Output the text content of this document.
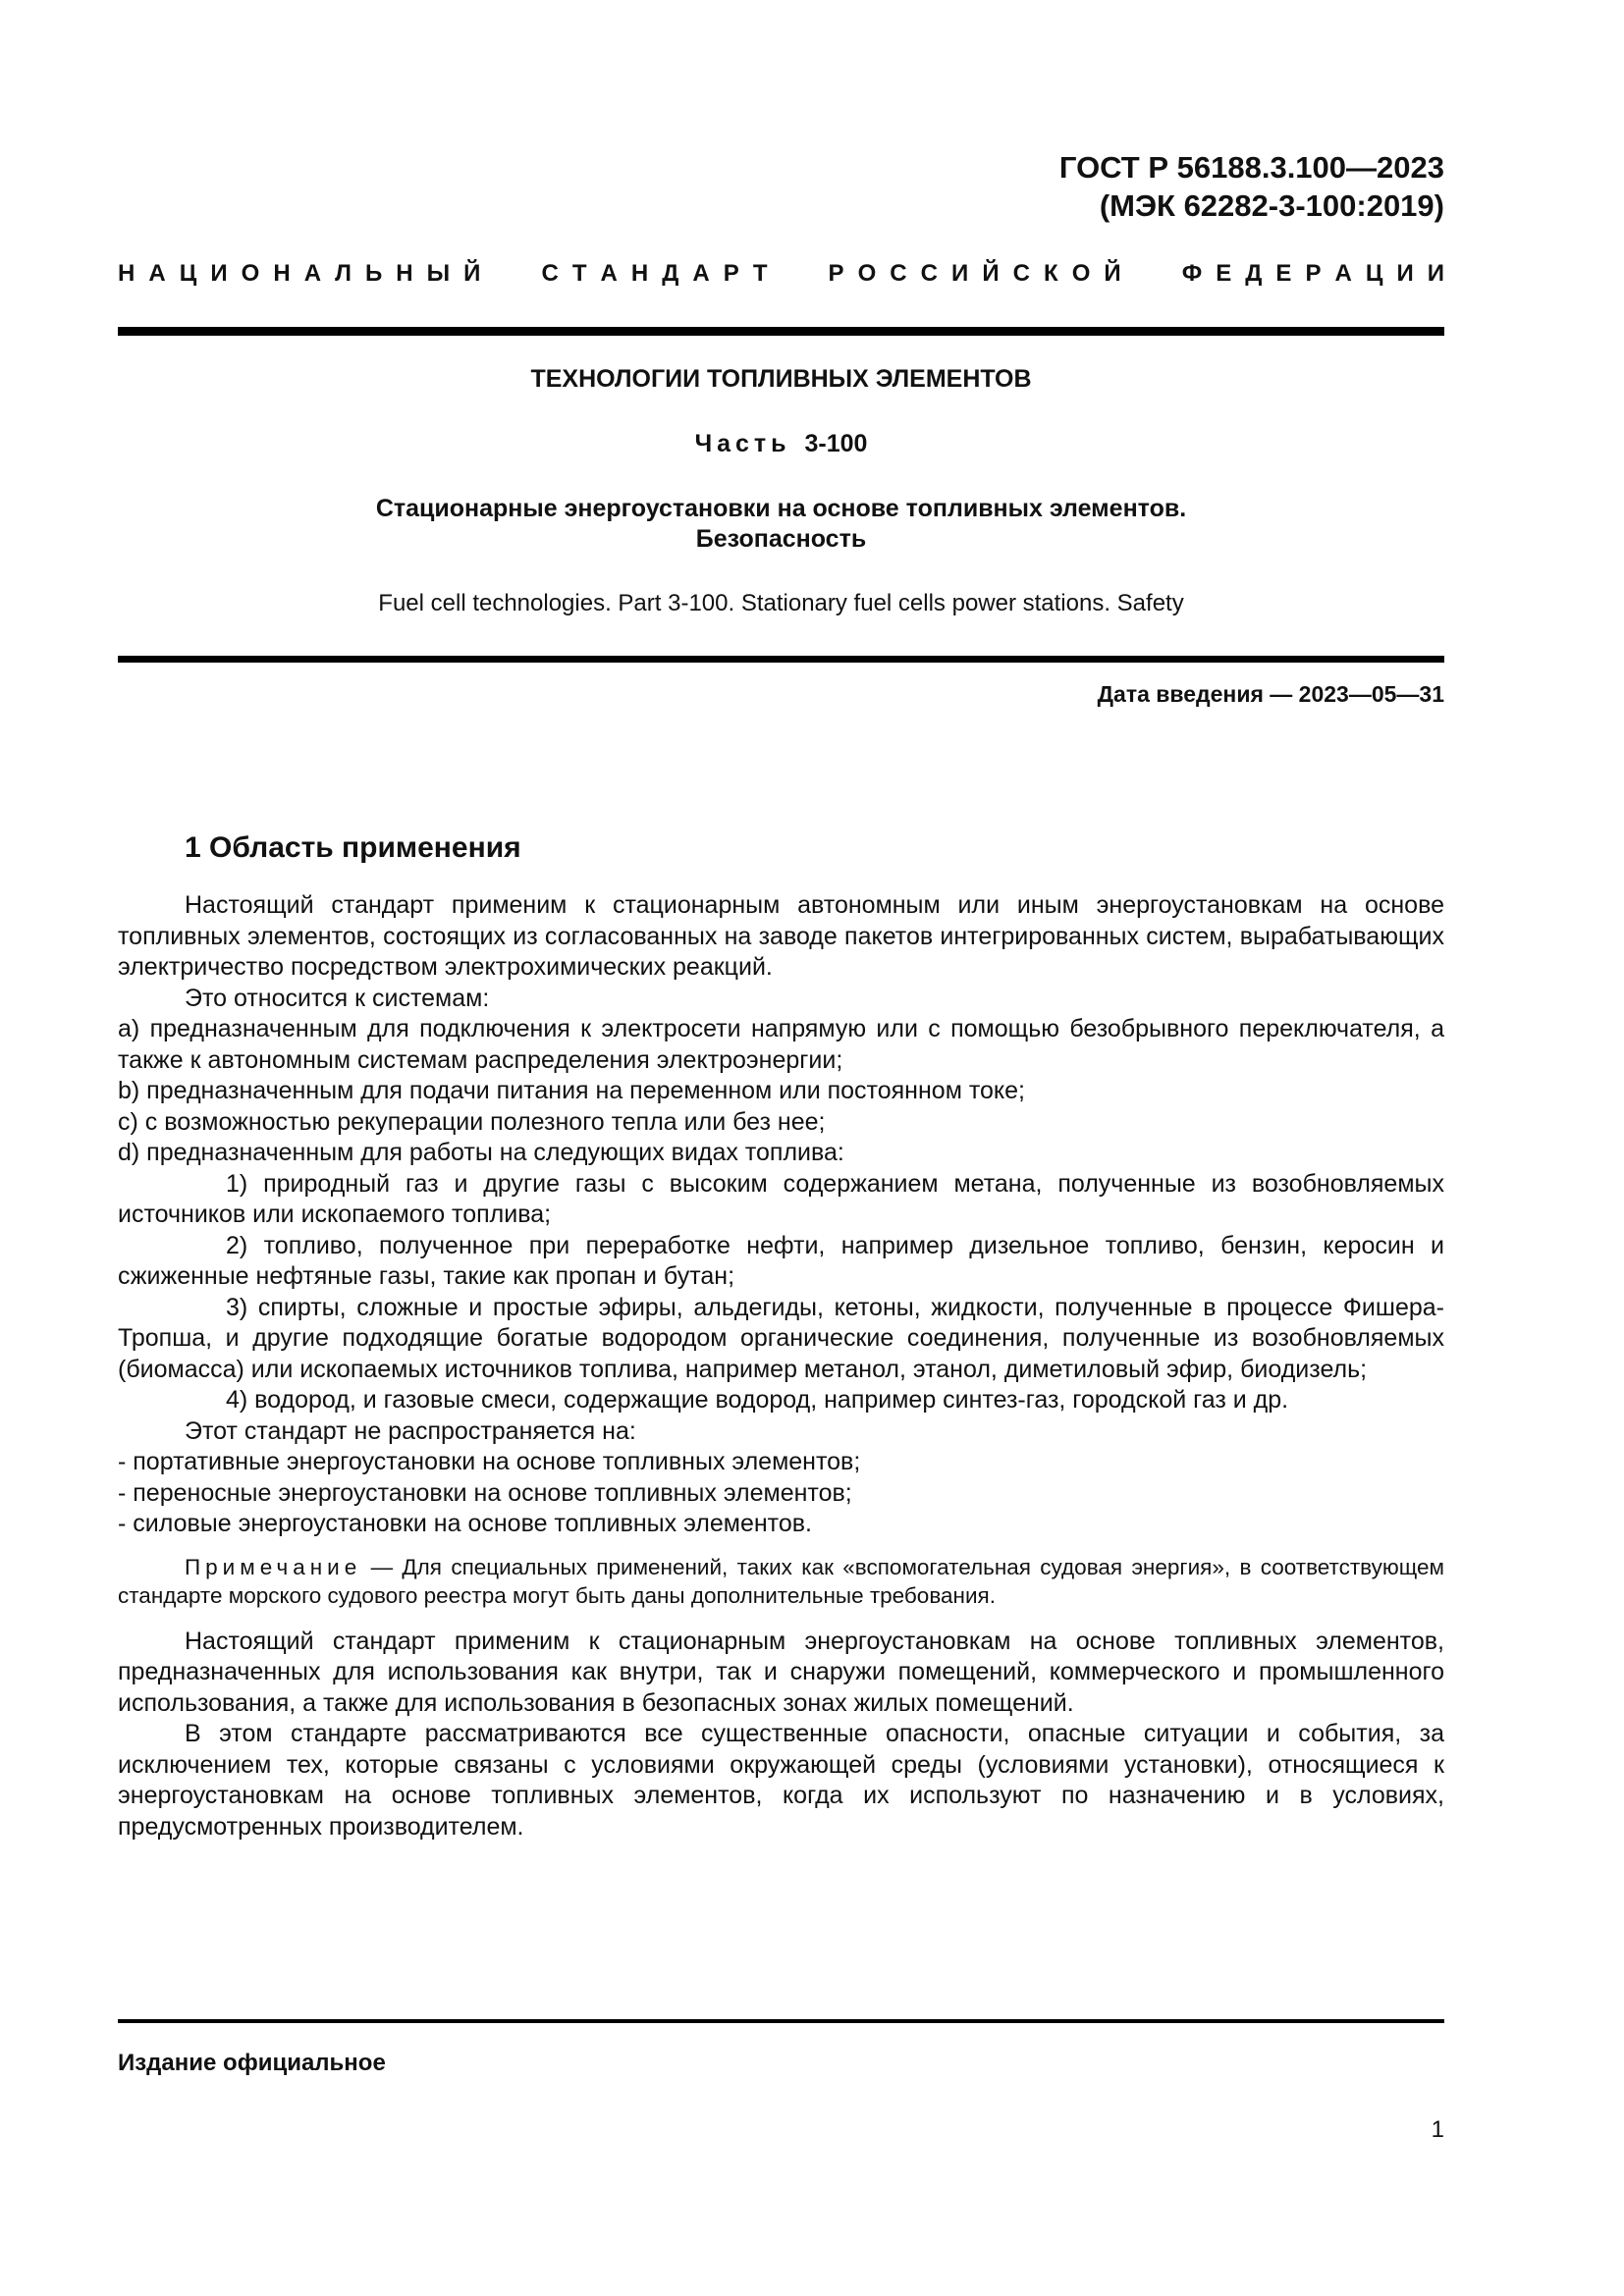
ГОСТ Р 56188.3.100—2023
(МЭК 62282-3-100:2019)
Н А Ц И О Н А Л Ь Н Ы Й   С Т А Н Д А Р Т   Р О С С И Й С К О Й   Ф Е Д Е Р А Ц И И
ТЕХНОЛОГИИ ТОПЛИВНЫХ ЭЛЕМЕНТОВ
Часть 3-100
Стационарные энергоустановки на основе топливных элементов.
Безопасность
Fuel cell technologies. Part 3-100. Stationary fuel cells power stations. Safety
Дата введения — 2023—05—31
1 Область применения

Настоящий стандарт применим к стационарным автономным или иным энергоустановкам на основе топливных элементов, состоящих из согласованных на заводе пакетов интегрированных систем, вырабатывающих электричество посредством электрохимических реакций.

Это относится к системам:

a) предназначенным для подключения к электросети напрямую или с помощью безобрывного переключателя, а также к автономным системам распределения электроэнергии;

b) предназначенным для подачи питания на переменном или постоянном токе;

c) с возможностью рекуперации полезного тепла или без нее;

d) предназначенным для работы на следующих видах топлива:

1) природный газ и другие газы с высоким содержанием метана, полученные из возобновляемых источников или ископаемого топлива;

2) топливо, полученное при переработке нефти, например дизельное топливо, бензин, керосин и сжиженные нефтяные газы, такие как пропан и бутан;

3) спирты, сложные и простые эфиры, альдегиды, кетоны, жидкости, полученные в процессе Фишера-Тропша, и другие подходящие богатые водородом органические соединения, полученные из возобновляемых (биомасса) или ископаемых источников топлива, например метанол, этанол, диметиловый эфир, биодизель;

4) водород, и газовые смеси, содержащие водород, например синтез-газ, городской газ и др.

Этот стандарт не распространяется на:

- портативные энергоустановки на основе топливных элементов;

- переносные энергоустановки на основе топливных элементов;

- силовые энергоустановки на основе топливных элементов.

Примечание — Для специальных применений, таких как «вспомогательная судовая энергия», в соответствующем стандарте морского судового реестра могут быть даны дополнительные требования.

Настоящий стандарт применим к стационарным энергоустановкам на основе топливных элементов, предназначенных для использования как внутри, так и снаружи помещений, коммерческого и промышленного использования, а также для использования в безопасных зонах жилых помещений.

В этом стандарте рассматриваются все существенные опасности, опасные ситуации и события, за исключением тех, которые связаны с условиями окружающей среды (условиями установки), относящиеся к энергоустановкам на основе топливных элементов, когда их используют по назначению и в условиях, предусмотренных производителем.

Издание официальное
1
